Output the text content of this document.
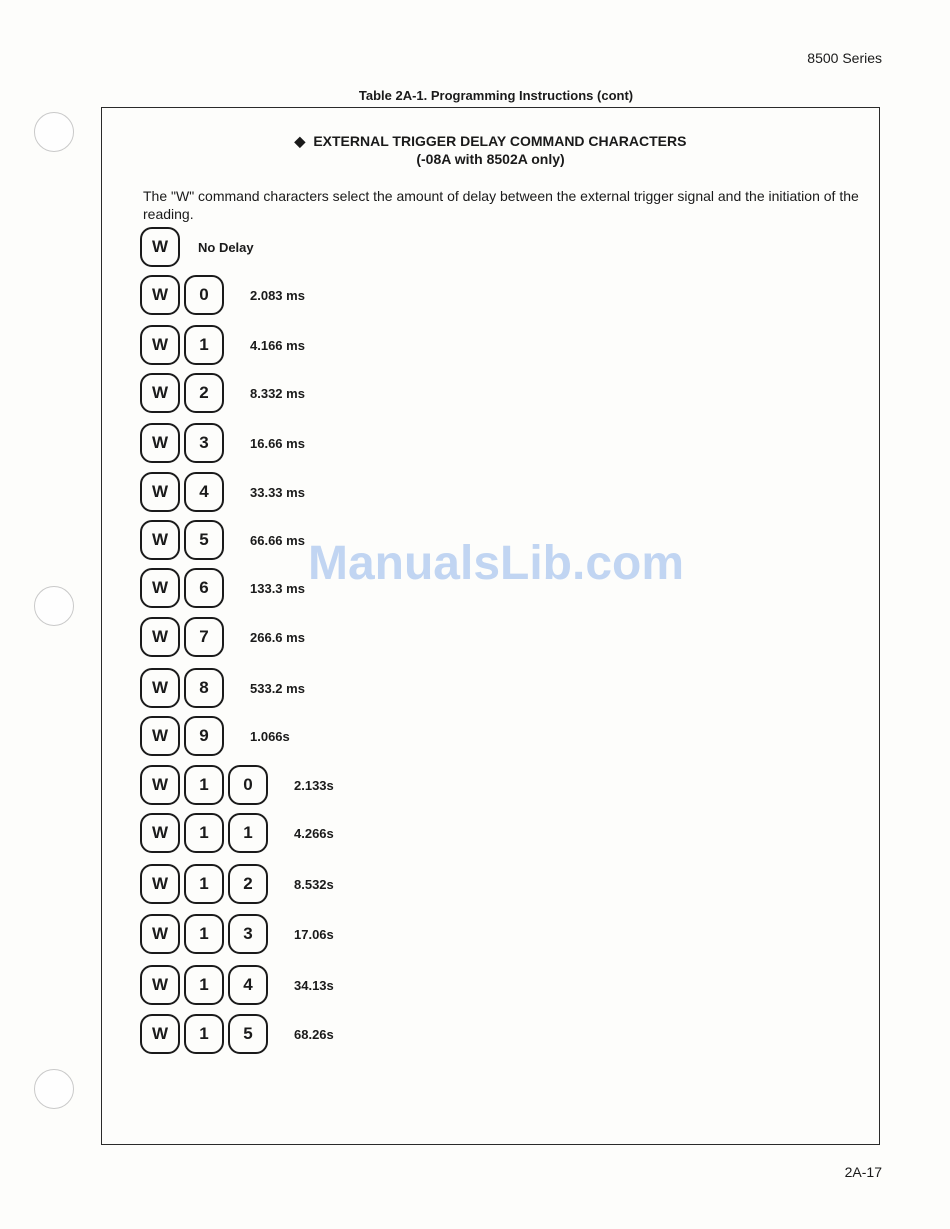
8500 Series
Table 2A-1. Programming Instructions (cont)
◆ EXTERNAL TRIGGER DELAY COMMAND CHARACTERS
(-08A with 8502A only)
The "W" command characters select the amount of delay between the external trigger signal and the initiation of the reading.
W	No Delay
W	0	2.083 ms
W	1	4.166 ms
W	2	8.332 ms
W	3	16.66 ms
W	4	33.33 ms
W	5	66.66 ms
W	6	133.3 ms
W	7	266.6 ms
W	8	533.2 ms
W	9	1.066s
W	1	0	2.133s
W	1	1	4.266s
W	1	2	8.532s
W	1	3	17.06s
W	1	4	34.13s
W	1	5	68.26s
ManualsLib.com
2A-17
